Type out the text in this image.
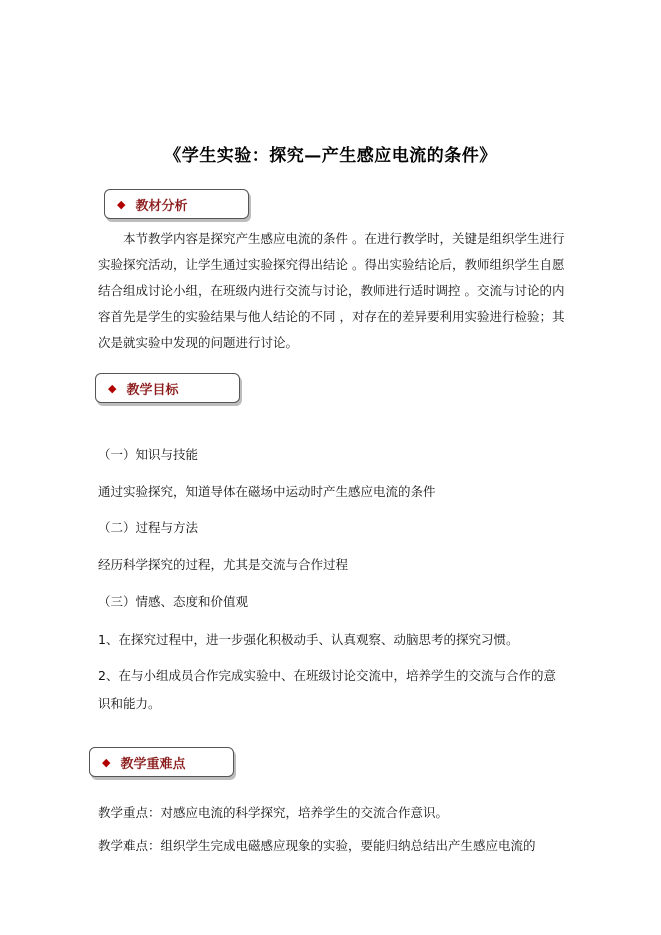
《学生实验：探究—产生感应电流的条件》
◆ 教材分析
本节教学内容是探究产生感应电流的条件 。在进行教学时，关键是组织学生进行实验探究活动，让学生通过实验探究得出结论 。得出实验结论后，教师组织学生自愿结合组成讨论小组，在班级内进行交流与讨论，教师进行适时调控 。交流与讨论的内容首先是学生的实验结果与他人结论的不同 ，对存在的差异要利用实验进行检验；其次是就实验中发现的问题进行讨论。
◆ 教学目标
（一）知识与技能
通过实验探究，知道导体在磁场中运动时产生感应电流的条件
（二）过程与方法
经历科学探究的过程，尤其是交流与合作过程
（三）情感、态度和价值观
1、在探究过程中，进一步强化积极动手、认真观察、动脑思考的探究习惯。
2、在与小组成员合作完成实验中、在班级讨论交流中，培养学生的交流与合作的意识和能力。
◆ 教学重难点
教学重点：对感应电流的科学探究，培养学生的交流合作意识。
教学难点：组织学生完成电磁感应现象的实验，要能归纳总结出产生感应电流的
